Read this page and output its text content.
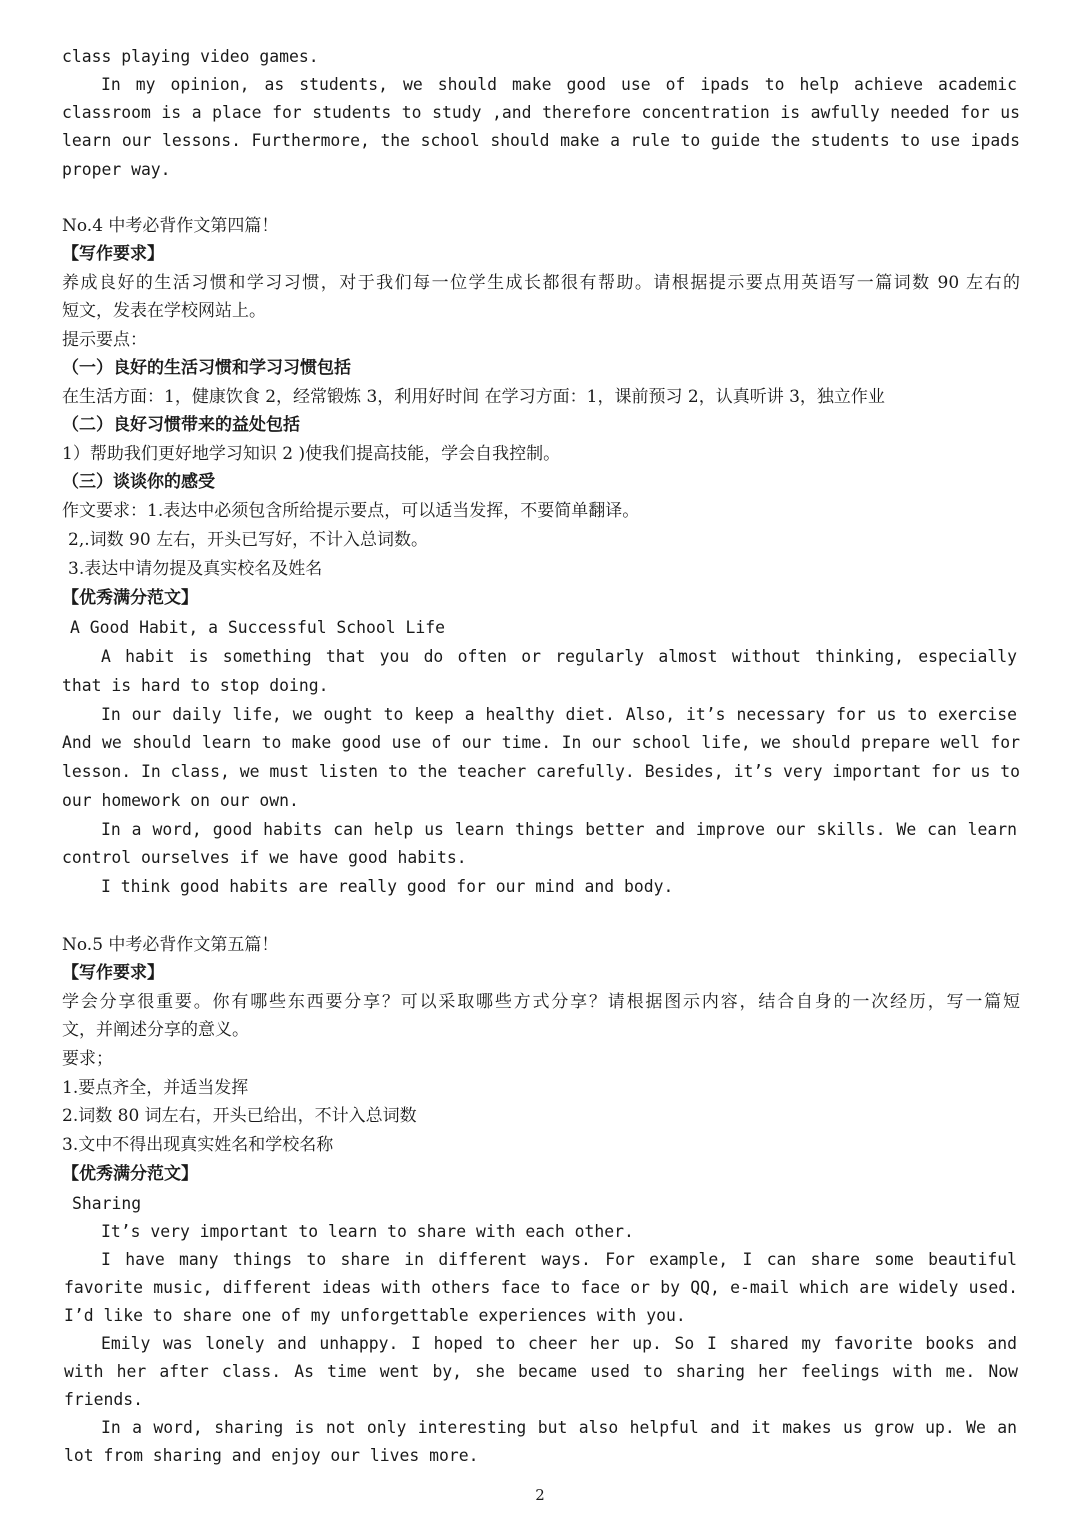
class playing video games.
In my opinion, as students, we should make good use of ipads to help achieve academic
classroom is a place for students to study ,and therefore concentration is awfully needed for us
learn our lessons. Furthermore, the school should make a rule to guide the students to use ipads
proper way.
No.4 中考必背作文第四篇！
【写作要求】
养成良好的生活习惯和学习习惯，对于我们每一位学生成长都很有帮助。请根据提示要点用英语写一篇词数 90 左右的
短文，发表在学校网站上。
提示要点：
（一）良好的生活习惯和学习习惯包括
在生活方面：1，健康饮食 2，经常锻炼 3，利用好时间 在学习方面：1，课前预习 2，认真听讲 3，独立作业
（二）良好习惯带来的益处包括
1）帮助我们更好地学习知识 2 )使我们提高技能，学会自我控制。
（三）谈谈你的感受
作文要求：1.表达中必须包含所给提示要点，可以适当发挥，不要简单翻译。
2,.词数 90 左右，开头已写好，不计入总词数。
3.表达中请勿提及真实校名及姓名
【优秀满分范文】
A Good Habit, a Successful School Life
A habit is something that you do often or regularly almost without thinking, especially
that is hard to stop doing.
In our daily life, we ought to keep a healthy diet. Also, it’s necessary for us to exercise
And we should learn to make good use of our time. In our school life, we should prepare well for
lesson. In class, we must listen to the teacher carefully. Besides, it’s very important for us to
our homework on our own.
In a word, good habits can help us learn things better and improve our skills. We can learn
control ourselves if we have good habits.
I think good habits are really good for our mind and body.
No.5 中考必背作文第五篇！
【写作要求】
学会分享很重要。你有哪些东西要分享？可以采取哪些方式分享？请根据图示内容，结合自身的一次经历，写一篇短
文，并阐述分享的意义。
要求；
1.要点齐全，并适当发挥
2.词数 80 词左右，开头已给出，不计入总词数
3.文中不得出现真实姓名和学校名称
【优秀满分范文】
Sharing
It’s very important to learn to share with each other.
I have many things to share in different ways. For example, I can share some beautiful
favorite music, different ideas with others face to face or by QQ, e-mail which are widely used.
I’d like to share one of my unforgettable experiences with you.
Emily was lonely and unhappy. I hoped to cheer her up. So I shared my favorite books and
with her after class. As time went by, she became used to sharing her feelings with me. Now
friends.
In a word, sharing is not only interesting but also helpful and it makes us grow up. We an
lot from sharing and enjoy our lives more.
2
